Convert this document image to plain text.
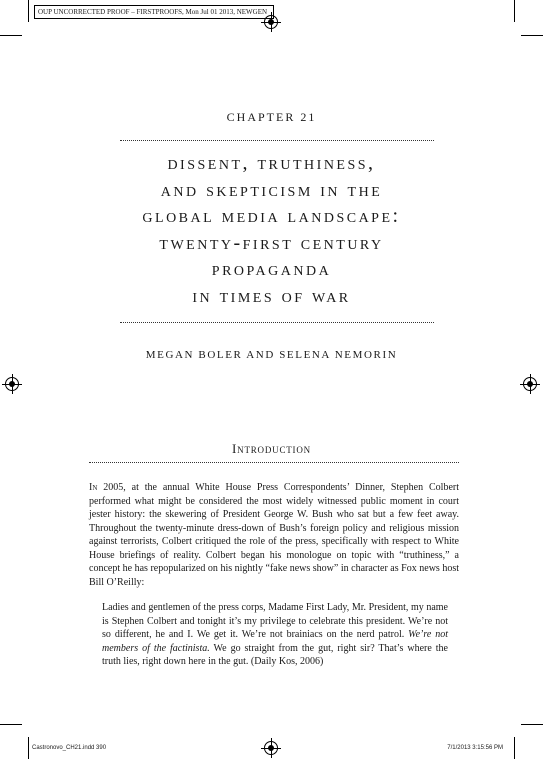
OUP UNCORRECTED PROOF – FIRSTPROOFS, Mon Jul 01 2013, NEWGEN
CHAPTER 21
dissent, truthiness,
and skepticism in the
global media landscape:
twenty-first century
propaganda
in times of war
MEGAN BOLER AND SELENA NEMORIN
Introduction
In 2005, at the annual White House Press Correspondents’ Dinner, Stephen Colbert performed what might be considered the most widely witnessed public moment in court jester history: the skewering of President George W. Bush who sat but a few feet away. Throughout the twenty-minute dress-down of Bush’s foreign policy and religious mission against terrorists, Colbert critiqued the role of the press, specifically with respect to White House briefings of reality. Colbert began his monologue on topic with “truthiness,” a concept he has repopularized on his nightly “fake news show” in character as Fox news host Bill O’Reilly:
Ladies and gentlemen of the press corps, Madame First Lady, Mr. President, my name is Stephen Colbert and tonight it’s my privilege to celebrate this president. We’re not so different, he and I. We get it. We’re not brainiacs on the nerd patrol. We’re not members of the factinista. We go straight from the gut, right sir? That’s where the truth lies, right down here in the gut. (Daily Kos, 2006)
Castronovo_CH21.indd 390	7/1/2013 3:15:56 PM
